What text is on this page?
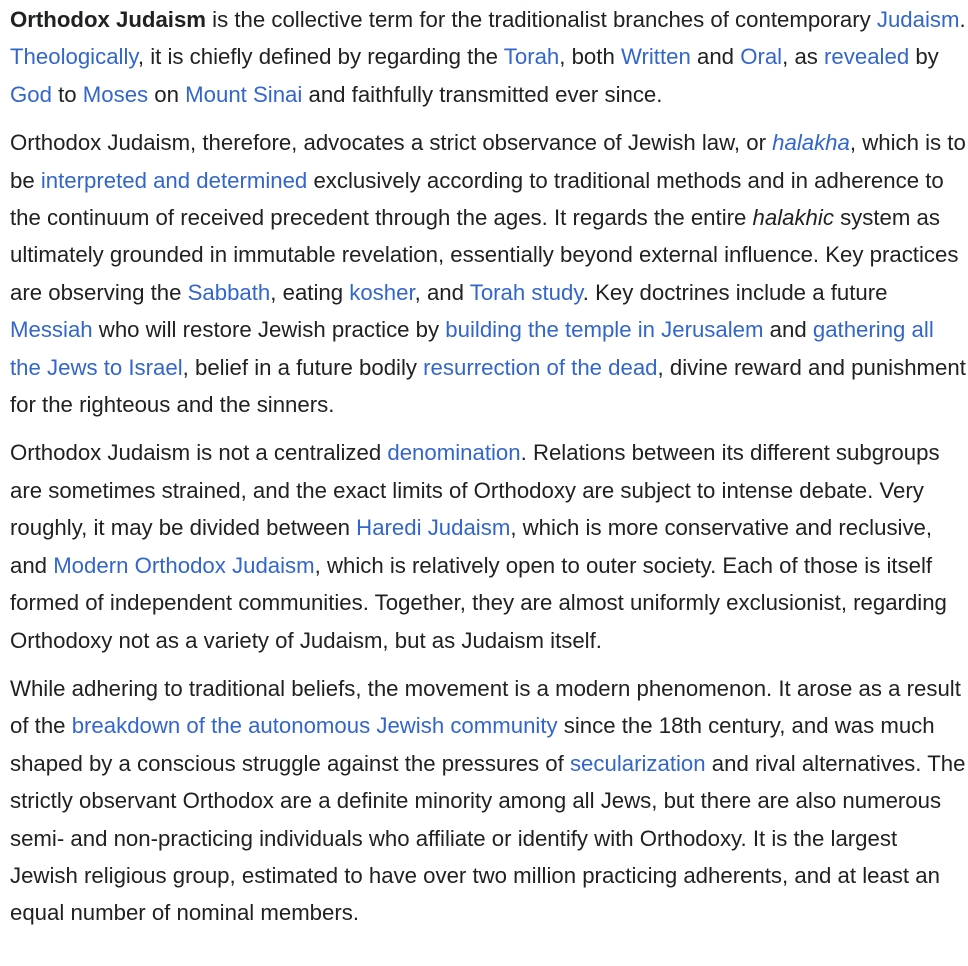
Orthodox Judaism is the collective term for the traditionalist branches of contemporary Judaism. Theologically, it is chiefly defined by regarding the Torah, both Written and Oral, as revealed by God to Moses on Mount Sinai and faithfully transmitted ever since.

Orthodox Judaism, therefore, advocates a strict observance of Jewish law, or halakha, which is to be interpreted and determined exclusively according to traditional methods and in adherence to the continuum of received precedent through the ages. It regards the entire halakhic system as ultimately grounded in immutable revelation, essentially beyond external influence. Key practices are observing the Sabbath, eating kosher, and Torah study. Key doctrines include a future Messiah who will restore Jewish practice by building the temple in Jerusalem and gathering all the Jews to Israel, belief in a future bodily resurrection of the dead, divine reward and punishment for the righteous and the sinners.

Orthodox Judaism is not a centralized denomination. Relations between its different subgroups are sometimes strained, and the exact limits of Orthodoxy are subject to intense debate. Very roughly, it may be divided between Haredi Judaism, which is more conservative and reclusive, and Modern Orthodox Judaism, which is relatively open to outer society. Each of those is itself formed of independent communities. Together, they are almost uniformly exclusionist, regarding Orthodoxy not as a variety of Judaism, but as Judaism itself.

While adhering to traditional beliefs, the movement is a modern phenomenon. It arose as a result of the breakdown of the autonomous Jewish community since the 18th century, and was much shaped by a conscious struggle against the pressures of secularization and rival alternatives. The strictly observant Orthodox are a definite minority among all Jews, but there are also numerous semi- and non-practicing individuals who affiliate or identify with Orthodoxy. It is the largest Jewish religious group, estimated to have over two million practicing adherents, and at least an equal number of nominal members.
